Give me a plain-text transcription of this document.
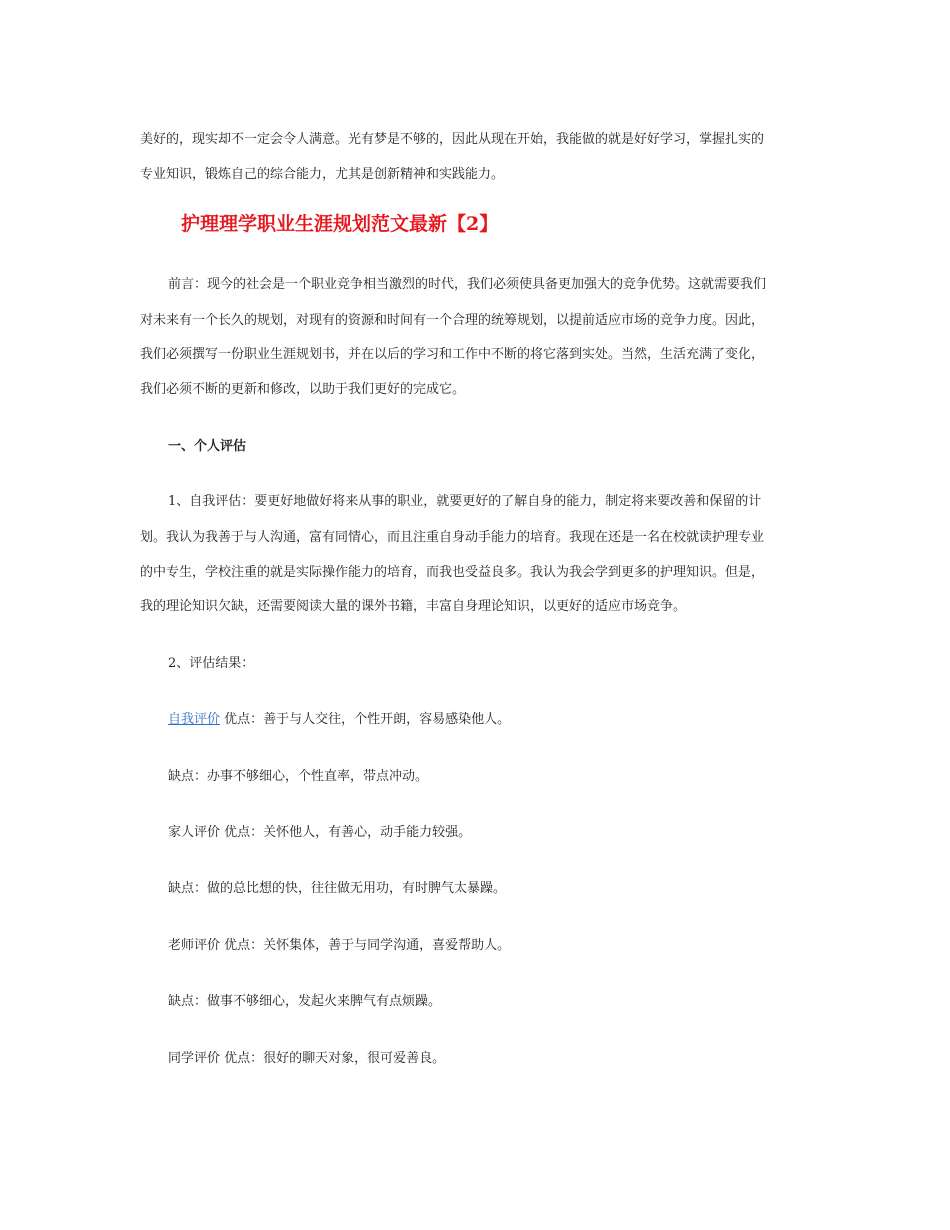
美好的，现实却不一定会令人满意。光有梦是不够的，因此从现在开始，我能做的就是好好学习，掌握扎实的
专业知识，锻炼自己的综合能力，尤其是创新精神和实践能力。
护理理学职业生涯规划范文最新【2】
前言：现今的社会是一个职业竞争相当激烈的时代，我们必须使具备更加强大的竞争优势。这就需要我们
对未来有一个长久的规划，对现有的资源和时间有一个合理的统筹规划，以提前适应市场的竞争力度。因此，
我们必须撰写一份职业生涯规划书，并在以后的学习和工作中不断的将它落到实处。当然，生活充满了变化，
我们必须不断的更新和修改，以助于我们更好的完成它。
一、个人评估
1、自我评估：要更好地做好将来从事的职业，就要更好的了解自身的能力，制定将来要改善和保留的计
划。我认为我善于与人沟通，富有同情心，而且注重自身动手能力的培育。我现在还是一名在校就读护理专业
的中专生，学校注重的就是实际操作能力的培育，而我也受益良多。我认为我会学到更多的护理知识。但是，
我的理论知识欠缺，还需要阅读大量的课外书籍，丰富自身理论知识，以更好的适应市场竞争。
2、评估结果：
自我评价 优点：善于与人交往，个性开朗，容易感染他人。
缺点：办事不够细心，个性直率，带点冲动。
家人评价 优点：关怀他人，有善心，动手能力较强。
缺点：做的总比想的快，往往做无用功，有时脾气太暴躁。
老师评价 优点：关怀集体，善于与同学沟通，喜爱帮助人。
缺点：做事不够细心，发起火来脾气有点烦躁。
同学评价 优点：很好的聊天对象，很可爱善良。
